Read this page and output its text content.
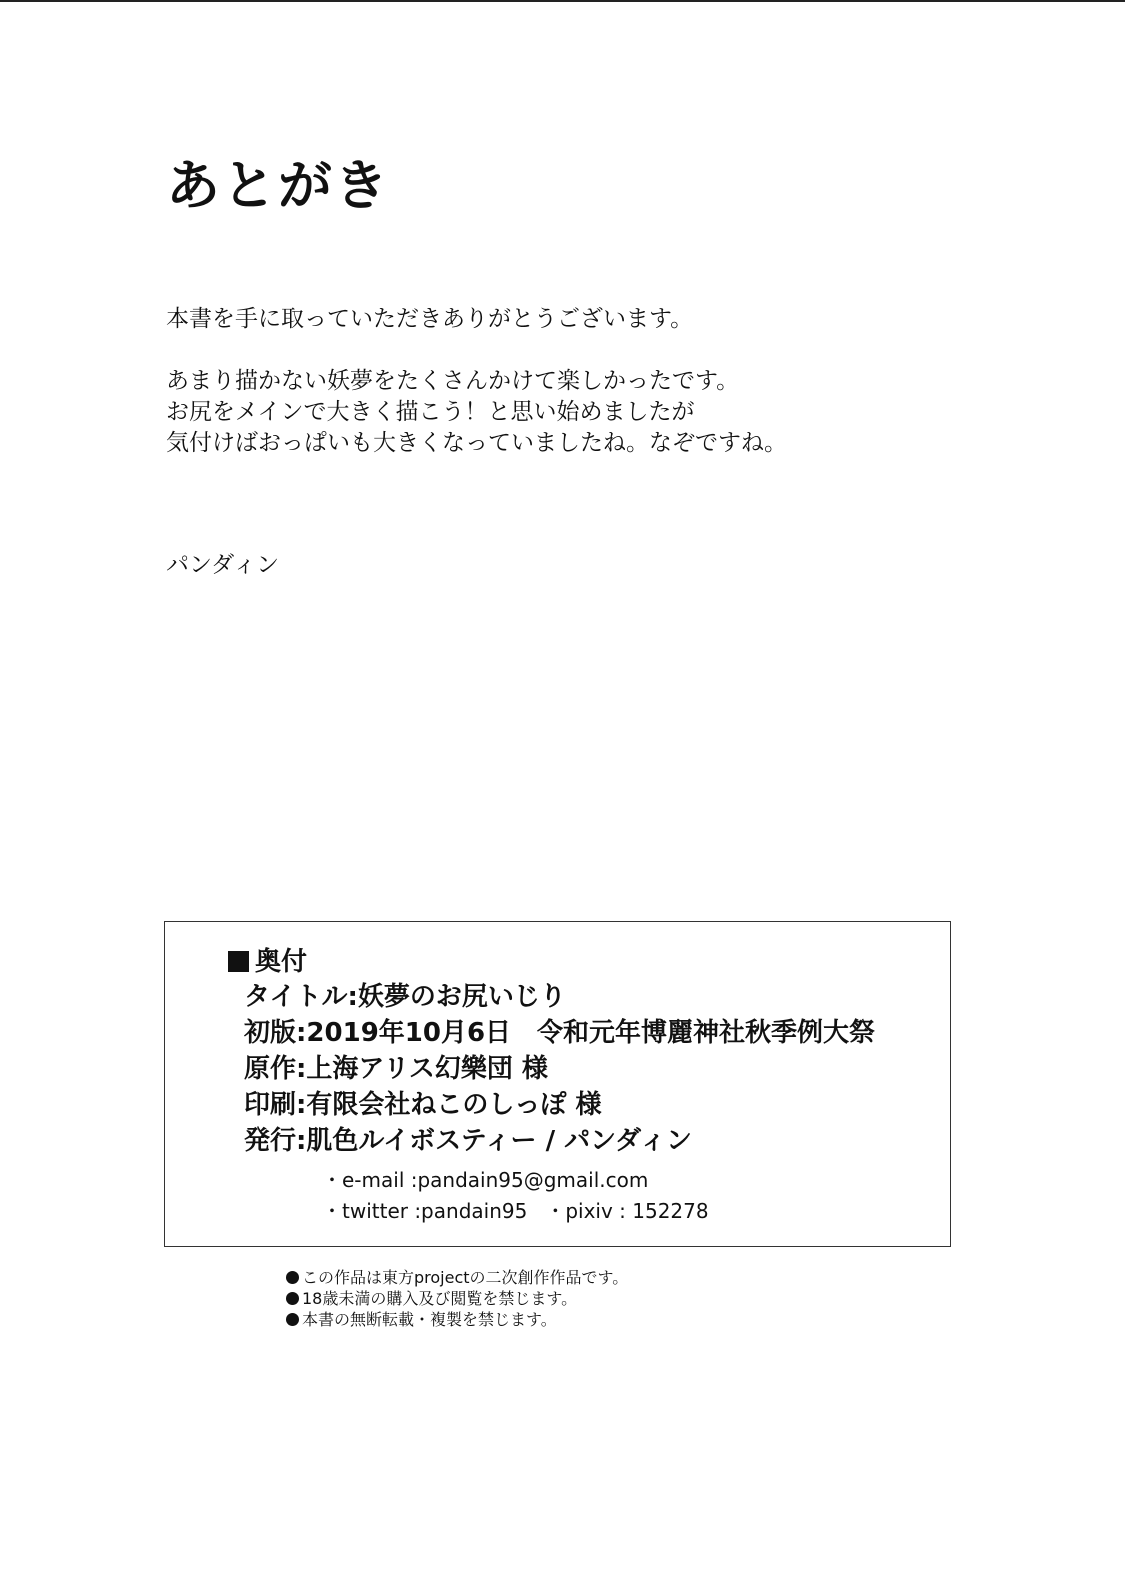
あとがき
本書を手に取っていただきありがとうございます。
あまり描かない妖夢をたくさんかけて楽しかったです。
お尻をメインで大きく描こう！と思い始めましたが
気付けばおっぱいも大きくなっていましたね。なぞですね。
パンダィン
奥付
タイトル:妖夢のお尻いじり
初版:2019年10月6日　令和元年博麗神社秋季例大祭
原作:上海アリス幻樂団 様
印刷:有限会社ねこのしっぽ 様
発行:肌色ルイボスティー / パンダィン
・e-mail :pandain95@gmail.com
・twitter :pandain95 ・pixiv : 152278
この作品は東方projectの二次創作作品です。
18歳未満の購入及び閲覧を禁じます。
本書の無断転載・複製を禁じます。
